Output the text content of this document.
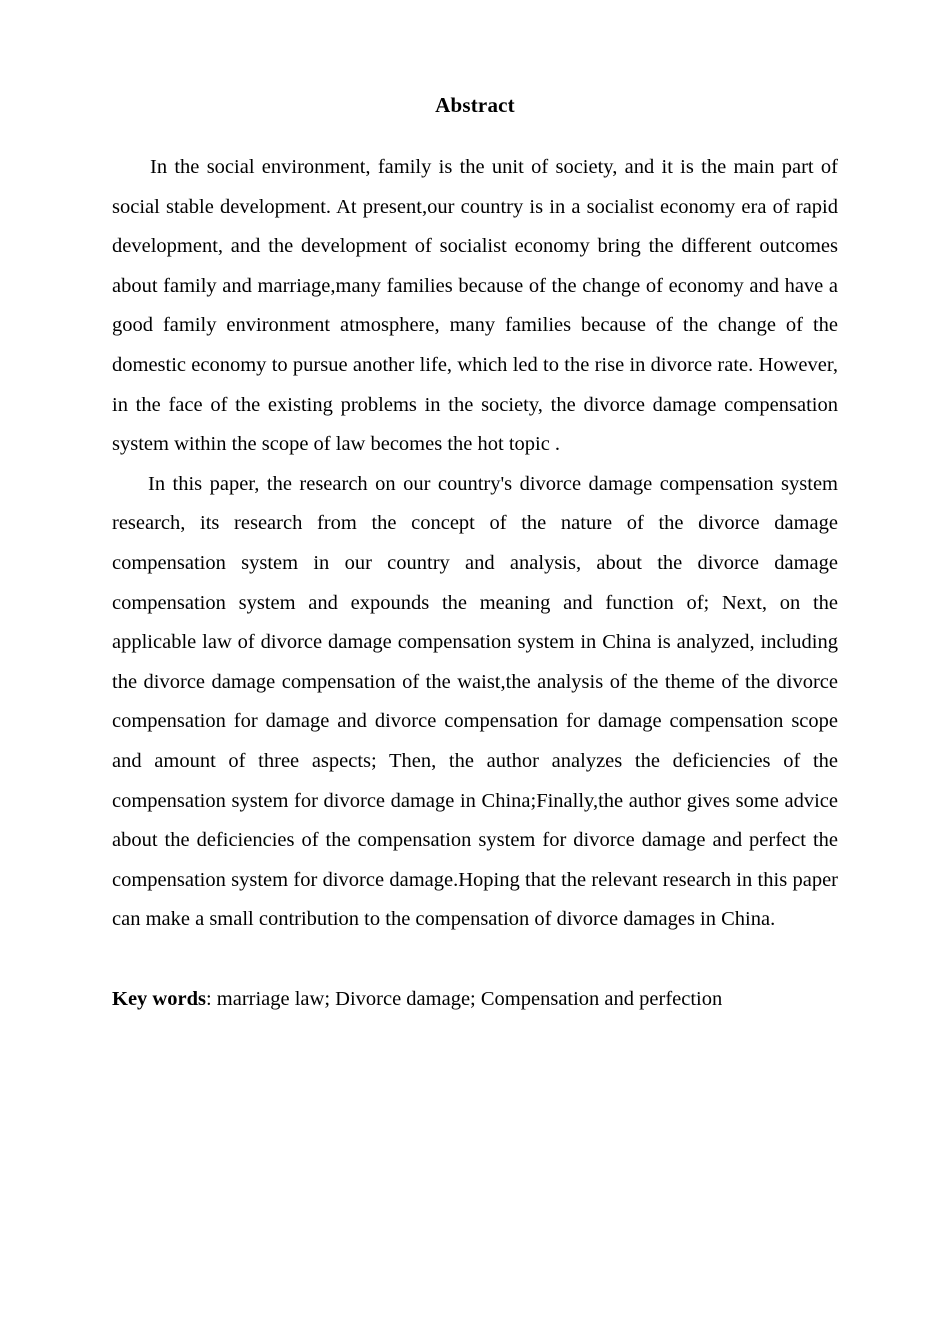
Abstract

In the social environment, family is the unit of society, and it is the main part of social stable development. At present,our country is in a socialist economy era of rapid development, and the development of socialist economy bring the different outcomes about family and marriage,many families because of the change of economy and have a good family environment atmosphere, many families because of the change of the domestic economy to pursue another life, which led to the rise in divorce rate. However, in the face of the existing problems in the society, the divorce damage compensation system within the scope of law becomes the hot topic .

In this paper, the research on our country's divorce damage compensation system research, its research from the concept of the nature of the divorce damage compensation system in our country and analysis, about the divorce damage compensation system and expounds the meaning and function of; Next, on the applicable law of divorce damage compensation system in China is analyzed, including the divorce damage compensation of the waist,the analysis of the theme of the divorce compensation for damage and divorce compensation for damage compensation scope and amount of three aspects; Then, the author analyzes the deficiencies of the compensation system for divorce damage in China;Finally,the author gives some advice about the deficiencies of the compensation system for divorce damage and perfect the compensation system for divorce damage.Hoping that the relevant research in this paper can make a small contribution to the compensation of divorce damages in China.

Key words: marriage law; Divorce damage; Compensation and perfection
